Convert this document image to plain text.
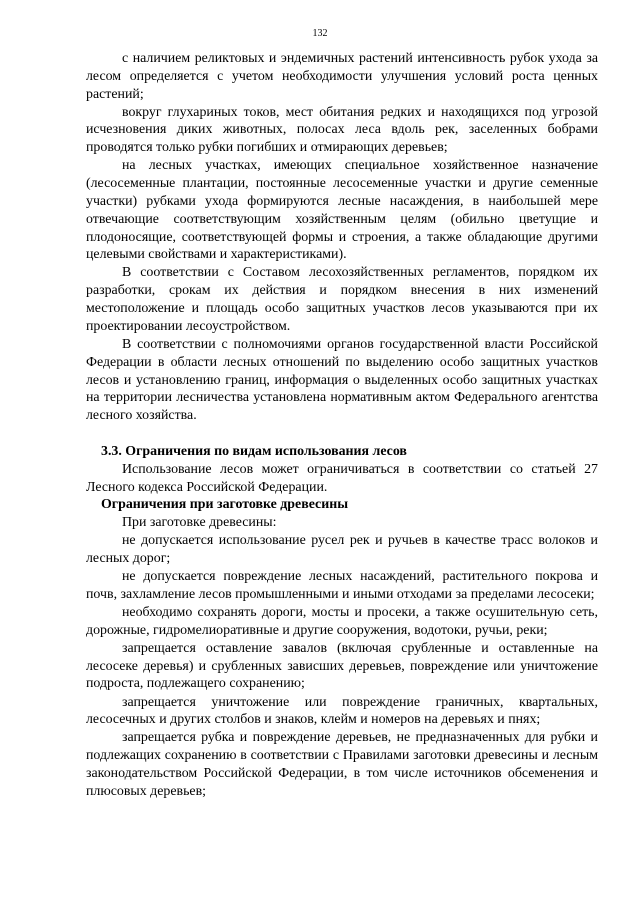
132

с наличием реликтовых и эндемичных растений интенсивность рубок ухода за лесом определяется с учетом необходимости улучшения условий роста ценных растений;

вокруг глухариных токов, мест обитания редких и находящихся под угрозой исчезновения диких животных, полосах леса вдоль рек, заселенных бобрами проводятся только рубки погибших и отмирающих деревьев;

на лесных участках, имеющих специальное хозяйственное назначение (лесосеменные плантации, постоянные лесосеменные участки и другие семенные участки) рубками ухода формируются лесные насаждения, в наибольшей мере отвечающие соответствующим хозяйственным целям (обильно цветущие и плодоносящие, соответствующей формы и строения, а также обладающие другими целевыми свойствами и характеристиками).

В соответствии с Составом лесохозяйственных регламентов, порядком их разработки, срокам их действия и порядком внесения в них изменений местоположение и площадь особо защитных участков лесов указываются при их проектировании лесоустройством.

В соответствии с полномочиями органов государственной власти Российской Федерации в области лесных отношений по выделению особо защитных участков лесов и установлению границ, информация о выделенных особо защитных участках на территории лесничества установлена нормативным актом Федерального агентства лесного хозяйства.

3.3. Ограничения по видам использования лесов

Использование лесов может ограничиваться в соответствии со статьей 27 Лесного кодекса Российской Федерации.

Ограничения при заготовке древесины

При заготовке древесины:

не допускается использование русел рек и ручьев в качестве трасс волоков и лесных дорог;

не допускается повреждение лесных насаждений, растительного покрова и почв, захламление лесов промышленными и иными отходами за пределами лесосеки;

необходимо сохранять дороги, мосты и просеки, а также осушительную сеть, дорожные, гидромелиоративные и другие сооружения, водотоки, ручьи, реки;

запрещается оставление завалов (включая срубленные и оставленные на лесосеке деревья) и срубленных зависших деревьев, повреждение или уничтожение подроста, подлежащего сохранению;

запрещается уничтожение или повреждение граничных, квартальных, лесосечных и других столбов и знаков, клейм и номеров на деревьях и пнях;

запрещается рубка и повреждение деревьев, не предназначенных для рубки и подлежащих сохранению в соответствии с Правилами заготовки древесины и лесным законодательством Российской Федерации, в том числе источников обсеменения и плюсовых деревьев;
